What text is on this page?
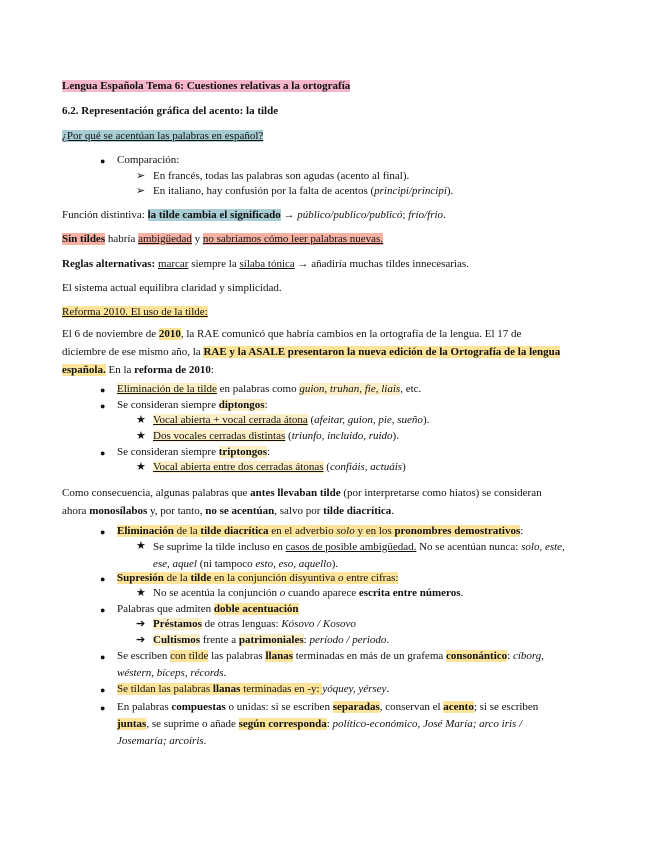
Lengua Española Tema 6: Cuestiones relativas a la ortografía
6.2. Representación gráfica del acento: la tilde
¿Por qué se acentúan las palabras en español?
● Comparación:
➢ En francés, todas las palabras son agudas (acento al final).
➢ En italiano, hay confusión por la falta de acentos (principi/principi).
Función distintiva: la tilde cambia el significado → público/publico/publicó; frío/frio.
Sin tildes habría ambigüedad y no sabríamos cómo leer palabras nuevas.
Reglas alternativas: marcar siempre la sílaba tónica → añadiría muchas tildes innecesarias.
El sistema actual equilibra claridad y simplicidad.
Reforma 2010. El uso de la tilde:
El 6 de noviembre de 2010, la RAE comunicó que habría cambios en la ortografía de la lengua. El 17 de diciembre de ese mismo año, la RAE y la ASALE presentaron la nueva edición de la Ortografía de la lengua española. En la reforma de 2010:
● Eliminación de la tilde en palabras como guion, truhan, fie, liais, etc.
● Se consideran siempre diptongos:
★ Vocal abierta + vocal cerrada átona (afeitar, guion, pie, sueño).
★ Dos vocales cerradas distintas (triunfo, incluido, ruido).
● Se consideran siempre triptongos:
★ Vocal abierta entre dos cerradas átonas (confiáis, actuáis)
Como consecuencia, algunas palabras que antes llevaban tilde (por interpretarse como hiatos) se consideran ahora monosílabos y, por tanto, no se acentúan, salvo por tilde diacrítica.
● Eliminación de la tilde diacrítica en el adverbio solo y en los pronombres demostrativos:
★ Se suprime la tilde incluso en casos de posible ambigüedad. No se acentúan nunca: solo, este, ese, aquel (ni tampoco esto, eso, aquello).
● Supresión de la tilde en la conjunción disyuntiva o entre cifras:
★ No se acentúa la conjunción o cuando aparece escrita entre números.
● Palabras que admiten doble acentuación
➔ Préstamos de otras lenguas: Kósovo / Kosovo
➔ Cultismos frente a patrimoniales: período / periodo.
● Se escriben con tilde las palabras llanas terminadas en más de un grafema consonántico: cíborg, wéstern, bíceps, récords.
● Se tildan las palabras llanas terminadas en -y: yóquey, yérsey.
● En palabras compuestas o unidas: si se escriben separadas, conservan el acento; si se escriben juntas, se suprime o añade según corresponda: político-económico, José María; arco iris / Josemaría; arcoíris.
